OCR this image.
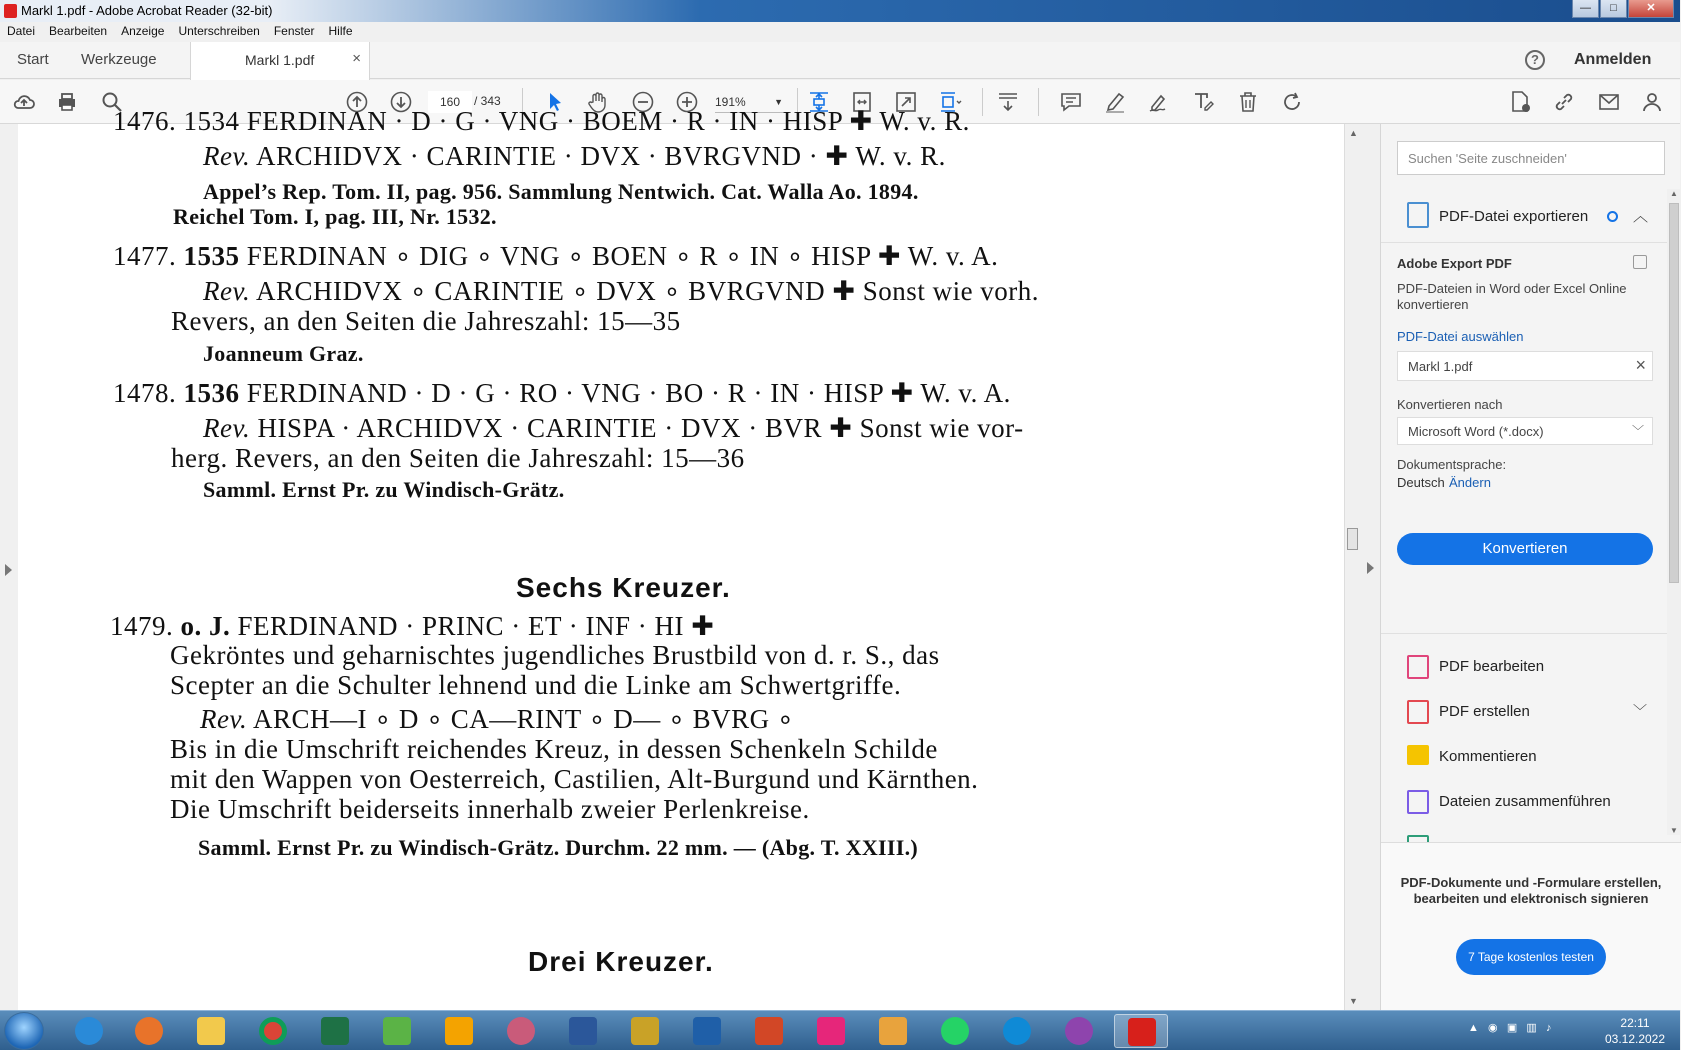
Markl 1.pdf - Adobe Acrobat Reader (32-bit)	—	□	✕
Datei Bearbeiten Anzeige Unterschreiben Fenster Hilfe
Start Werkzeuge	Markl 1.pdf	×	?	Anmelden
160	/ 343	191%	▼
1476. 1534 FERDINAN · D · G · VNG · BOEM · R · IN · HISP ✚ W. v. R.
Rev. ARCHIDVX · CARINTIE · DVX · BVRGVND · ✚ W. v. R.
Appel’s Rep. Tom. II, pag. 956. Sammlung Nentwich. Cat. Walla Ao. 1894.
Reichel Tom. I, pag. III, Nr. 1532.
1477. 1535 FERDINAN ∘ DIG ∘ VNG ∘ BOEN ∘ R ∘ IN ∘ HISP ✚ W. v. A.
Rev. ARCHIDVX ∘ CARINTIE ∘ DVX ∘ BVRGVND ✚ Sonst wie vorh.
Revers, an den Seiten die Jahreszahl: 15—35
Joanneum Graz.
1478. 1536 FERDINAND · D · G · RO · VNG · BO · R · IN · HISP ✚ W. v. A.
Rev. HISPA · ARCHIDVX · CARINTIE · DVX · BVR ✚ Sonst wie vor-
herg. Revers, an den Seiten die Jahreszahl: 15—36
Samml. Ernst Pr. zu Windisch-Grätz.
Sechs Kreuzer.
1479. o. J. FERDINAND · PRINC · ET · INF · HI ✚
Gekröntes und geharnischtes jugendliches Brustbild von d. r. S., das
Scepter an die Schulter lehnend und die Linke am Schwertgriffe.
Rev. ARCH—I ∘ D ∘ CA—RINT ∘ D— ∘ BVRG ∘
Bis in die Umschrift reichendes Kreuz, in dessen Schenkeln Schilde
mit den Wappen von Oesterreich, Castilien, Alt-Burgund und Kärnthen.
Die Umschrift beiderseits innerhalb zweier Perlenkreise.
Samml. Ernst Pr. zu Windisch-Grätz. Durchm. 22 mm. — (Abg. T. XXIII.)
Drei Kreuzer.
▲
▼
Suchen 'Seite zuschneiden'
PDF-Datei exportieren	︿
Adobe Export PDF
PDF-Dateien in Word oder Excel Online konvertieren
PDF-Datei auswählen
Markl 1.pdf	×
Konvertieren nach
Microsoft Word (*.docx)	﹀
Dokumentsprache:
Deutsch Ändern
Konvertieren
PDF bearbeiten
PDF erstellen	﹀
Kommentieren
Dateien zusammenführen
▲
▼
PDF-Dokumente und -Formulare erstellen, bearbeiten und elektronisch signieren
7 Tage kostenlos testen
▲   ◉   ▣   ▥   ♪	22:11
03.12.2022
